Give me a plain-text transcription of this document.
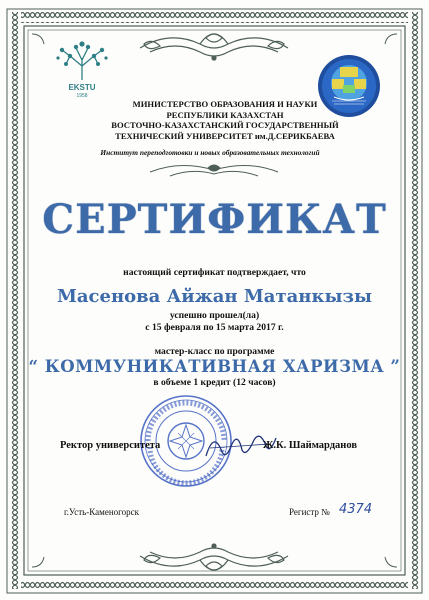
EKSTU
1958
МИНИСТЕРСТВО ОБРАЗОВАНИЯ И НАУКИ
РЕСПУБЛИКИ КАЗАХСТАН
ВОСТОЧНО-КАЗАХСТАНСКИЙ ГОСУДАРСТВЕННЫЙ
ТЕХНИЧЕСКИЙ УНИВЕРСИТЕТ им.Д.СЕРИКБАЕВА
Институт переподготовки и новых образовательных технологий
СЕРТИФИКАТ
настоящий сертификат подтверждает, что
Масенова Айжан Матанкызы
успешно прошел(ла)
с 15 февраля по 15 марта 2017 г.
мастер-класс по программе
“ КОММУНИКАТИВНАЯ ХАРИЗМА ”
в объеме 1 кредит (12 часов)
Ректор университета	Ж.К. Шаймарданов
г.Усть-Каменогорск	Регистр № 4374
